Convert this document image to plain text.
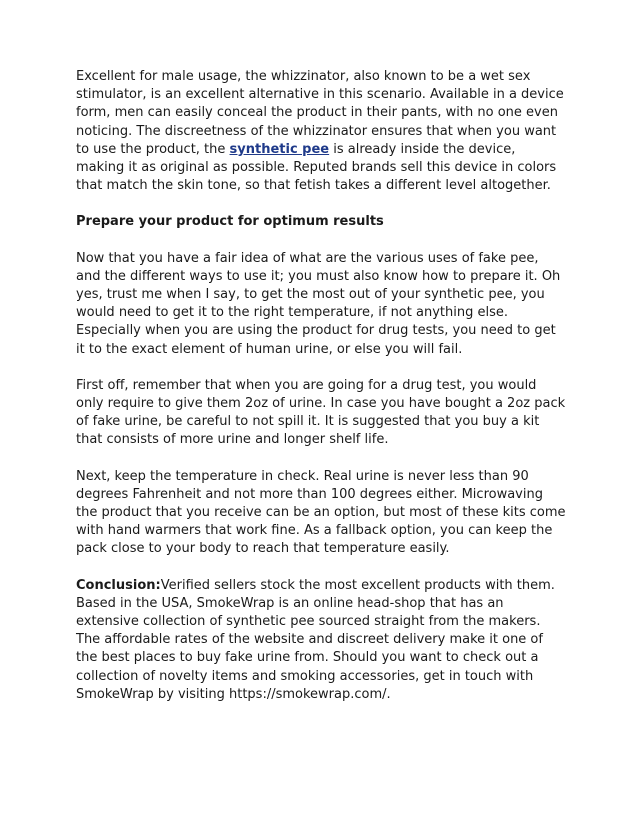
Excellent for male usage, the whizzinator, also known to be a wet sex stimulator, is an excellent alternative in this scenario. Available in a device form, men can easily conceal the product in their pants, with no one even noticing. The discreetness of the whizzinator ensures that when you want to use the product, the synthetic pee is already inside the device, making it as original as possible. Reputed brands sell this device in colors that match the skin tone, so that fetish takes a different level altogether.

Prepare your product for optimum results

Now that you have a fair idea of what are the various uses of fake pee, and the different ways to use it; you must also know how to prepare it. Oh yes, trust me when I say, to get the most out of your synthetic pee, you would need to get it to the right temperature, if not anything else. Especially when you are using the product for drug tests, you need to get it to the exact element of human urine, or else you will fail.

First off, remember that when you are going for a drug test, you would only require to give them 2oz of urine. In case you have bought a 2oz pack of fake urine, be careful to not spill it. It is suggested that you buy a kit that consists of more urine and longer shelf life.

Next, keep the temperature in check. Real urine is never less than 90 degrees Fahrenheit and not more than 100 degrees either. Microwaving the product that you receive can be an option, but most of these kits come with hand warmers that work fine. As a fallback option, you can keep the pack close to your body to reach that temperature easily.

Conclusion:Verified sellers stock the most excellent products with them. Based in the USA, SmokeWrap is an online head-shop that has an extensive collection of synthetic pee sourced straight from the makers. The affordable rates of the website and discreet delivery make it one of the best places to buy fake urine from. Should you want to check out a collection of novelty items and smoking accessories, get in touch with SmokeWrap by visiting https://smokewrap.com/.
